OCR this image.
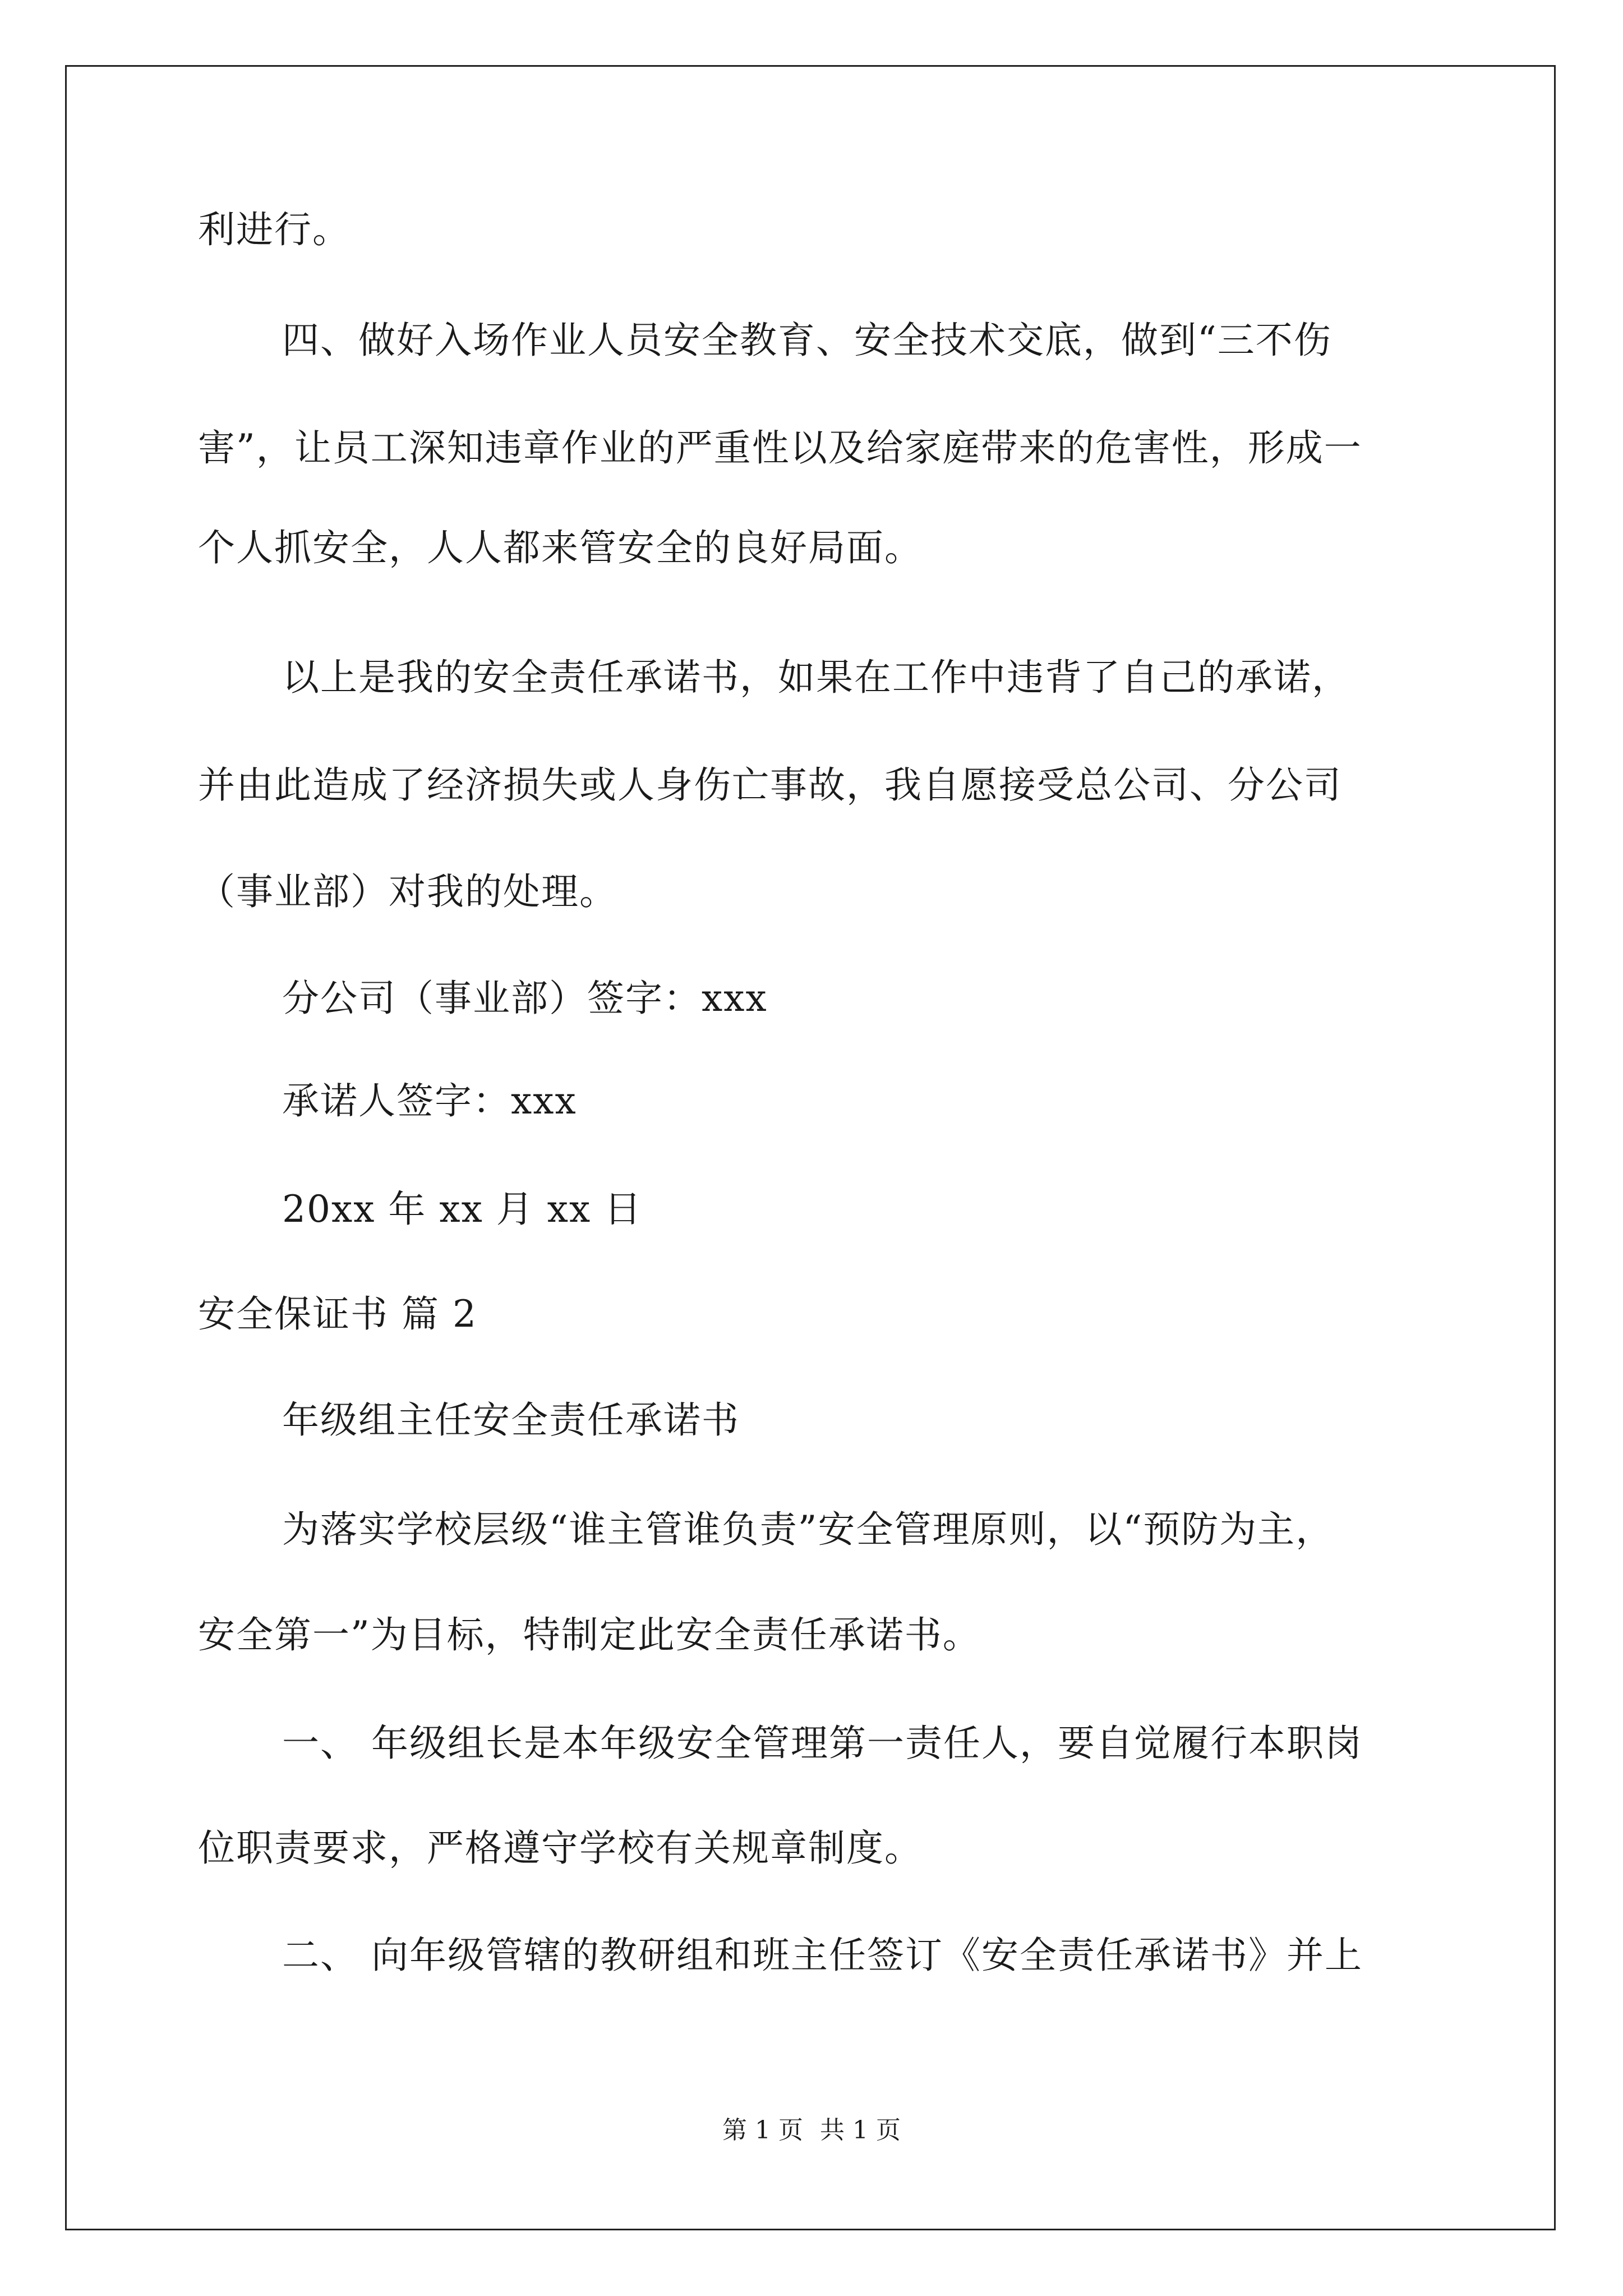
利进行。
四、做好入场作业人员安全教育、安全技术交底，做到“三不伤
害”，让员工深知违章作业的严重性以及给家庭带来的危害性，形成一
个人抓安全，人人都来管安全的良好局面。
以上是我的安全责任承诺书，如果在工作中违背了自己的承诺，
并由此造成了经济损失或人身伤亡事故，我自愿接受总公司、分公司
（事业部）对我的处理。
分公司（事业部）签字：xxx
承诺人签字：xxx
20xx 年 xx 月 xx 日
安全保证书 篇 2
年级组主任安全责任承诺书
为落实学校层级“谁主管谁负责”安全管理原则，以“预防为主，
安全第一”为目标，特制定此安全责任承诺书。
一、 年级组长是本年级安全管理第一责任人，要自觉履行本职岗
位职责要求，严格遵守学校有关规章制度。
二、 向年级管辖的教研组和班主任签订《安全责任承诺书》并上
第 1 页 共 1 页
